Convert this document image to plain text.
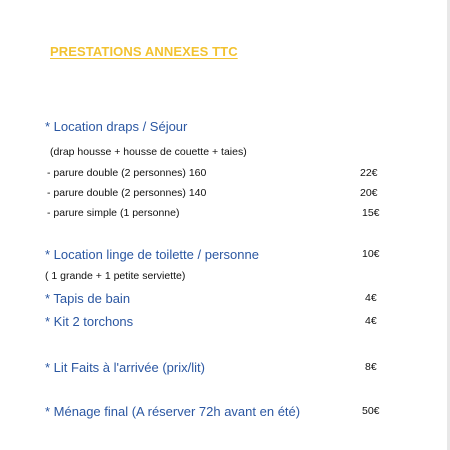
PRESTATIONS ANNEXES TTC
* Location draps / Séjour
(drap housse + housse de couette + taies)
- parure double (2 personnes) 160	22€
- parure double (2 personnes) 140	20€
- parure simple (1 personne)	15€
* Location linge de toilette / personne	10€
( 1 grande + 1 petite serviette)
* Tapis de bain	4€
* Kit 2 torchons	4€
* Lit Faits à l'arrivée (prix/lit)	8€
* Ménage final (A réserver 72h avant en été)	50€
